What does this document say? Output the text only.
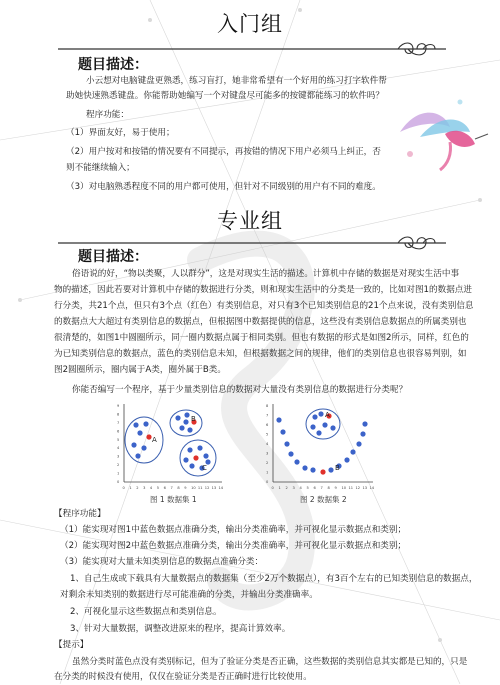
入门组
题目描述：
小云想对电脑键盘更熟悉，练习盲打，她非常希望有一个好用的练习打字软件帮
助她快速熟悉键盘。你能帮助她编写一个对键盘尽可能多的按键都能练习的软件吗？
程序功能：
（1）界面友好，易于使用；
（2）用户按对和按错的情况要有不同提示，再按错的情况下用户必须马上纠正，否
则不能继续输入；
（3）对电脑熟悉程度不同的用户都可使用，但针对不同级别的用户有不同的难度。
专业组
题目描述：
俗语说的好，“物以类聚，人以群分”，这是对现实生活的描述。计算机中存储的数据是对现实生活中事
物的描述，因此若要对计算机中存储的数据进行分类，则和现实生活中的分类是一致的，比如对图1的数据点进
行分类，共21个点，但只有3个点（红色）有类别信息，对只有3个已知类别信息的21个点来说，没有类别信息
的数据点大大超过有类别信息的数据点，但根据图中数据提供的信息，这些没有类别信息数据点的所属类别也
很清楚的，如图1中圆圈所示，同一圈内数据点属于相同类别。但也有数据的形式是如图2所示，同样，红色的
为已知类别信息的数据点，蓝色的类别信息未知，但根据数据之间的规律，他们的类别信息也很容易判别，如
图2圆圈所示，圈内属于A类，圈外属于B类。
你能否编写一个程序，基于少量类别信息的数据对大量没有类别信息的数据进行分类呢？
0 1 2 3 4 5 6 7 8 9 10 11 12 13 14
0
1
2
3
4
5
6
7
8
9
A
B
C
图 1 数据集 1
0 1 2 3 4 5 6 7 8 9 10 11 12 13 14
0
1
2
3
4
5
6
7
8
A
B
图 2 数据集 2
【程序功能】
（1）能实现对图1中蓝色数据点准确分类，输出分类准确率，并可视化显示数据点和类别；
（2）能实现对图2中蓝色数据点准确分类，输出分类准确率，并可视化显示数据点和类别；
（3）能实现对大量未知类别信息的数据点准确分类：
1、自己生成或下载具有大量数据点的数据集（至少2万个数据点），有3百个左右的已知类别信息的数据点，
对剩余未知类别的数据进行尽可能准确的分类，并输出分类准确率。
2、可视化显示这些数据点和类别信息。
3、针对大量数据，调整改进原来的程序，提高计算效率。
【提示】
虽然分类时蓝色点没有类别标记，但为了验证分类是否正确，这些数据的类别信息其实都是已知的，只是
在分类的时候没有使用，仅仅在验证分类是否正确时进行比较使用。
